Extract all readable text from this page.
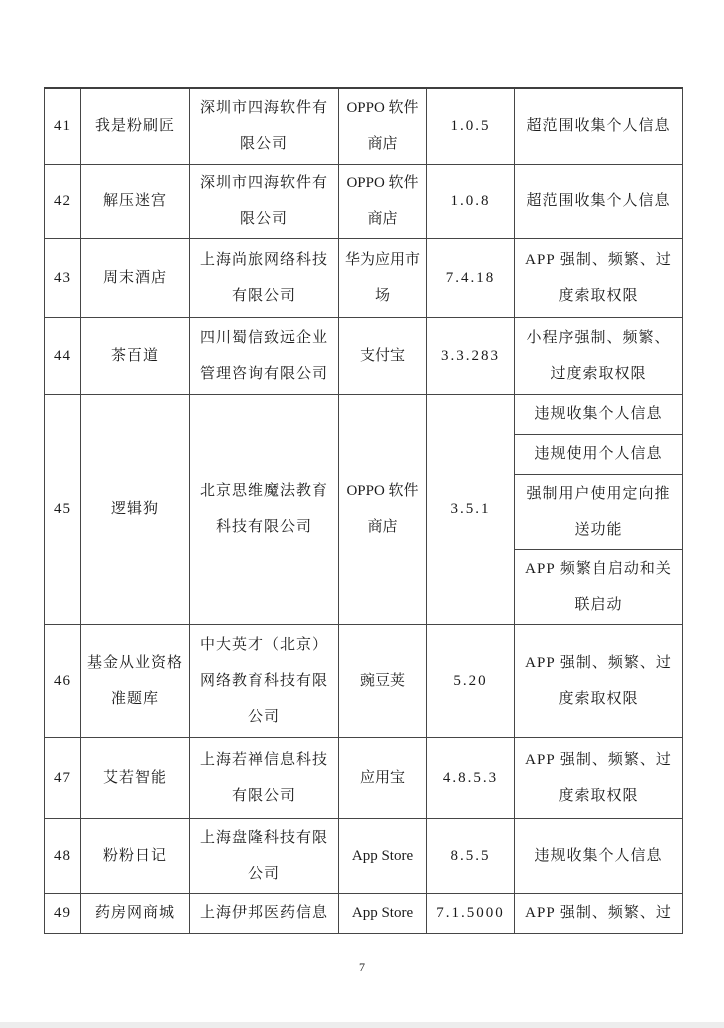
41	我是粉刷匠	深圳市四海软件有限公司	OPPO 软件商店	1.0.5	超范围收集个人信息
42	解压迷宫	深圳市四海软件有限公司	OPPO 软件商店	1.0.8	超范围收集个人信息
43	周末酒店	上海尚旅网络科技有限公司	华为应用市场	7.4.18	APP 强制、频繁、过度索取权限
44	茶百道	四川蜀信致远企业管理咨询有限公司	支付宝	3.3.283	小程序强制、频繁、过度索取权限
45	逻辑狗	北京思维魔法教育科技有限公司	OPPO 软件商店	3.5.1	违规收集个人信息
					违规使用个人信息
					强制用户使用定向推送功能
					APP 频繁自启动和关联启动
46	基金从业资格准题库	中大英才（北京）网络教育科技有限公司	豌豆荚	5.20	APP 强制、频繁、过度索取权限
47	艾若智能	上海若禅信息科技有限公司	应用宝	4.8.5.3	APP 强制、频繁、过度索取权限
48	粉粉日记	上海盘隆科技有限公司	App Store	8.5.5	违规收集个人信息
49	药房网商城	上海伊邦医药信息	App Store	7.1.5000	APP 强制、频繁、过
7
